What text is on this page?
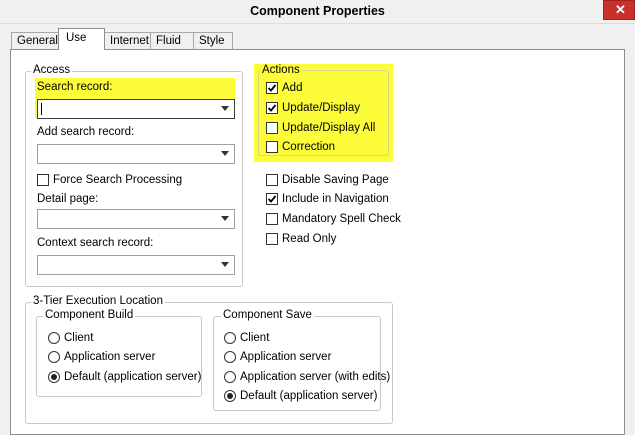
Component Properties	✕
General Use	Internet Fluid	Style
Access
Search record:
Add search record:
Force Search Processing
Detail page:
Context search record:
Actions
Add
Update/Display
Update/Display All
Correction
Disable Saving Page
Include in Navigation
Mandatory Spell Check
Read Only
3-Tier Execution Location
Component Build
Client
Application server
Default (application server)
Component Save
Client
Application server
Application server (with edits)
Default (application server)
